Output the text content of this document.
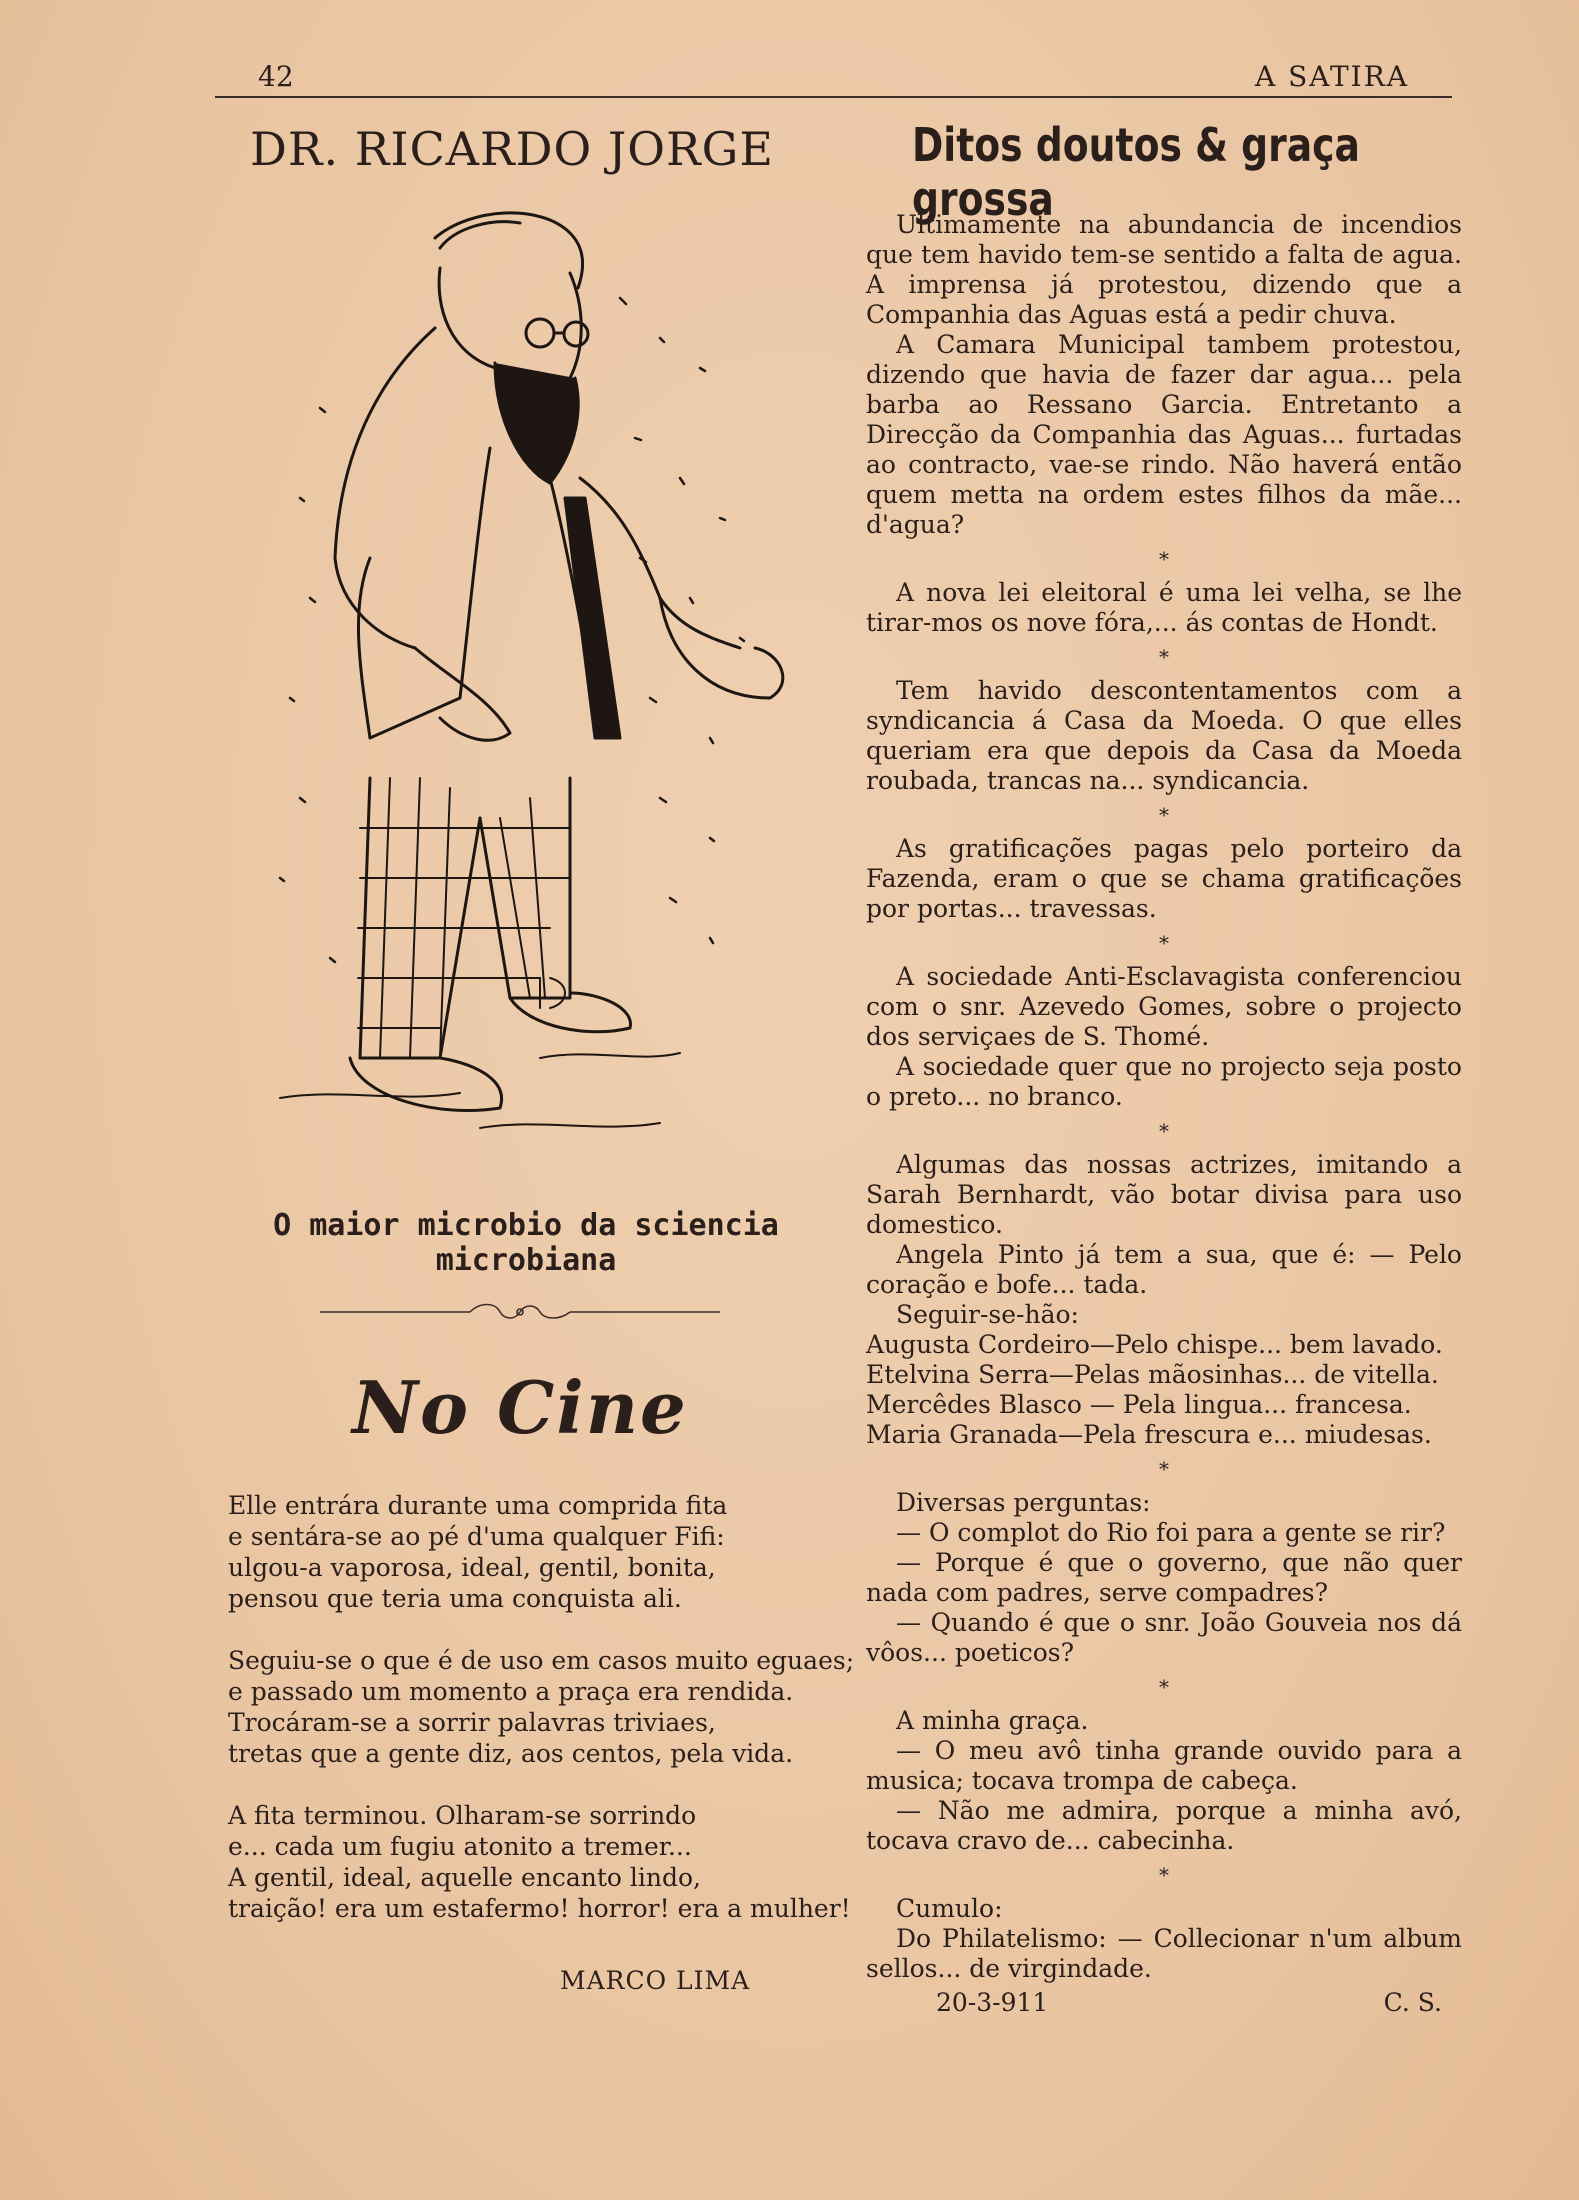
42	A SATIRA
DR. RICARDO JORGE
O maior microbio da sciencia microbiana
No Cine
Elle entrára durante uma comprida fita
e sentára-se ao pé d'uma qualquer Fifi:
ulgou-a vaporosa, ideal, gentil, bonita,
pensou que teria uma conquista ali.
Seguiu-se o que é de uso em casos muito eguaes;
e passado um momento a praça era rendida.
Trocáram-se a sorrir palavras triviaes,
tretas que a gente diz, aos centos, pela vida.
A fita terminou. Olharam-se sorrindo
e... cada um fugiu atonito a tremer...
A gentil, ideal, aquelle encanto lindo,
traição! era um estafermo! horror! era a mulher!
MARCO LIMA
Ditos doutos & graça grossa
Ultimamente na abundancia de incendios que tem havido tem-se sentido a falta de agua. A imprensa já protestou, dizendo que a Companhia das Aguas está a pedir chuva.
A Camara Municipal tambem protestou, dizendo que havia de fazer dar agua... pela barba ao Ressano Garcia. Entretanto a Direcção da Companhia das Aguas... furtadas ao contracto, vae-se rindo. Não haverá então quem metta na ordem estes filhos da mãe... d'agua?
*
A nova lei eleitoral é uma lei velha, se lhe tirar-mos os nove fóra,... ás contas de Hondt.
*
Tem havido descontentamentos com a syndicancia á Casa da Moeda. O que elles queriam era que depois da Casa da Moeda roubada, trancas na... syndicancia.
*
As gratificações pagas pelo porteiro da Fazenda, eram o que se chama gratificações por portas... travessas.
*
A sociedade Anti-Esclavagista conferenciou com o snr. Azevedo Gomes, sobre o projecto dos serviçaes de S. Thomé.
A sociedade quer que no projecto seja posto o preto... no branco.
*
Algumas das nossas actrizes, imitando a Sarah Bernhardt, vão botar divisa para uso domestico.
Angela Pinto já tem a sua, que é: — Pelo coração e bofe... tada.
Seguir-se-hão:
Augusta Cordeiro—Pelo chispe... bem lavado.
Etelvina Serra—Pelas mãosinhas... de vitella.
Mercêdes Blasco — Pela lingua... francesa.
Maria Granada—Pela frescura e... miudesas.
*
Diversas perguntas:
— O complot do Rio foi para a gente se rir?
— Porque é que o governo, que não quer nada com padres, serve compadres?
— Quando é que o snr. João Gouveia nos dá vôos... poeticos?
*
A minha graça.
— O meu avô tinha grande ouvido para a musica; tocava trompa de cabeça.
— Não me admira, porque a minha avó, tocava cravo de... cabecinha.
*
Cumulo:
Do Philatelismo: — Collecionar n'um album sellos... de virgindade.
20-3-911	C. S.
